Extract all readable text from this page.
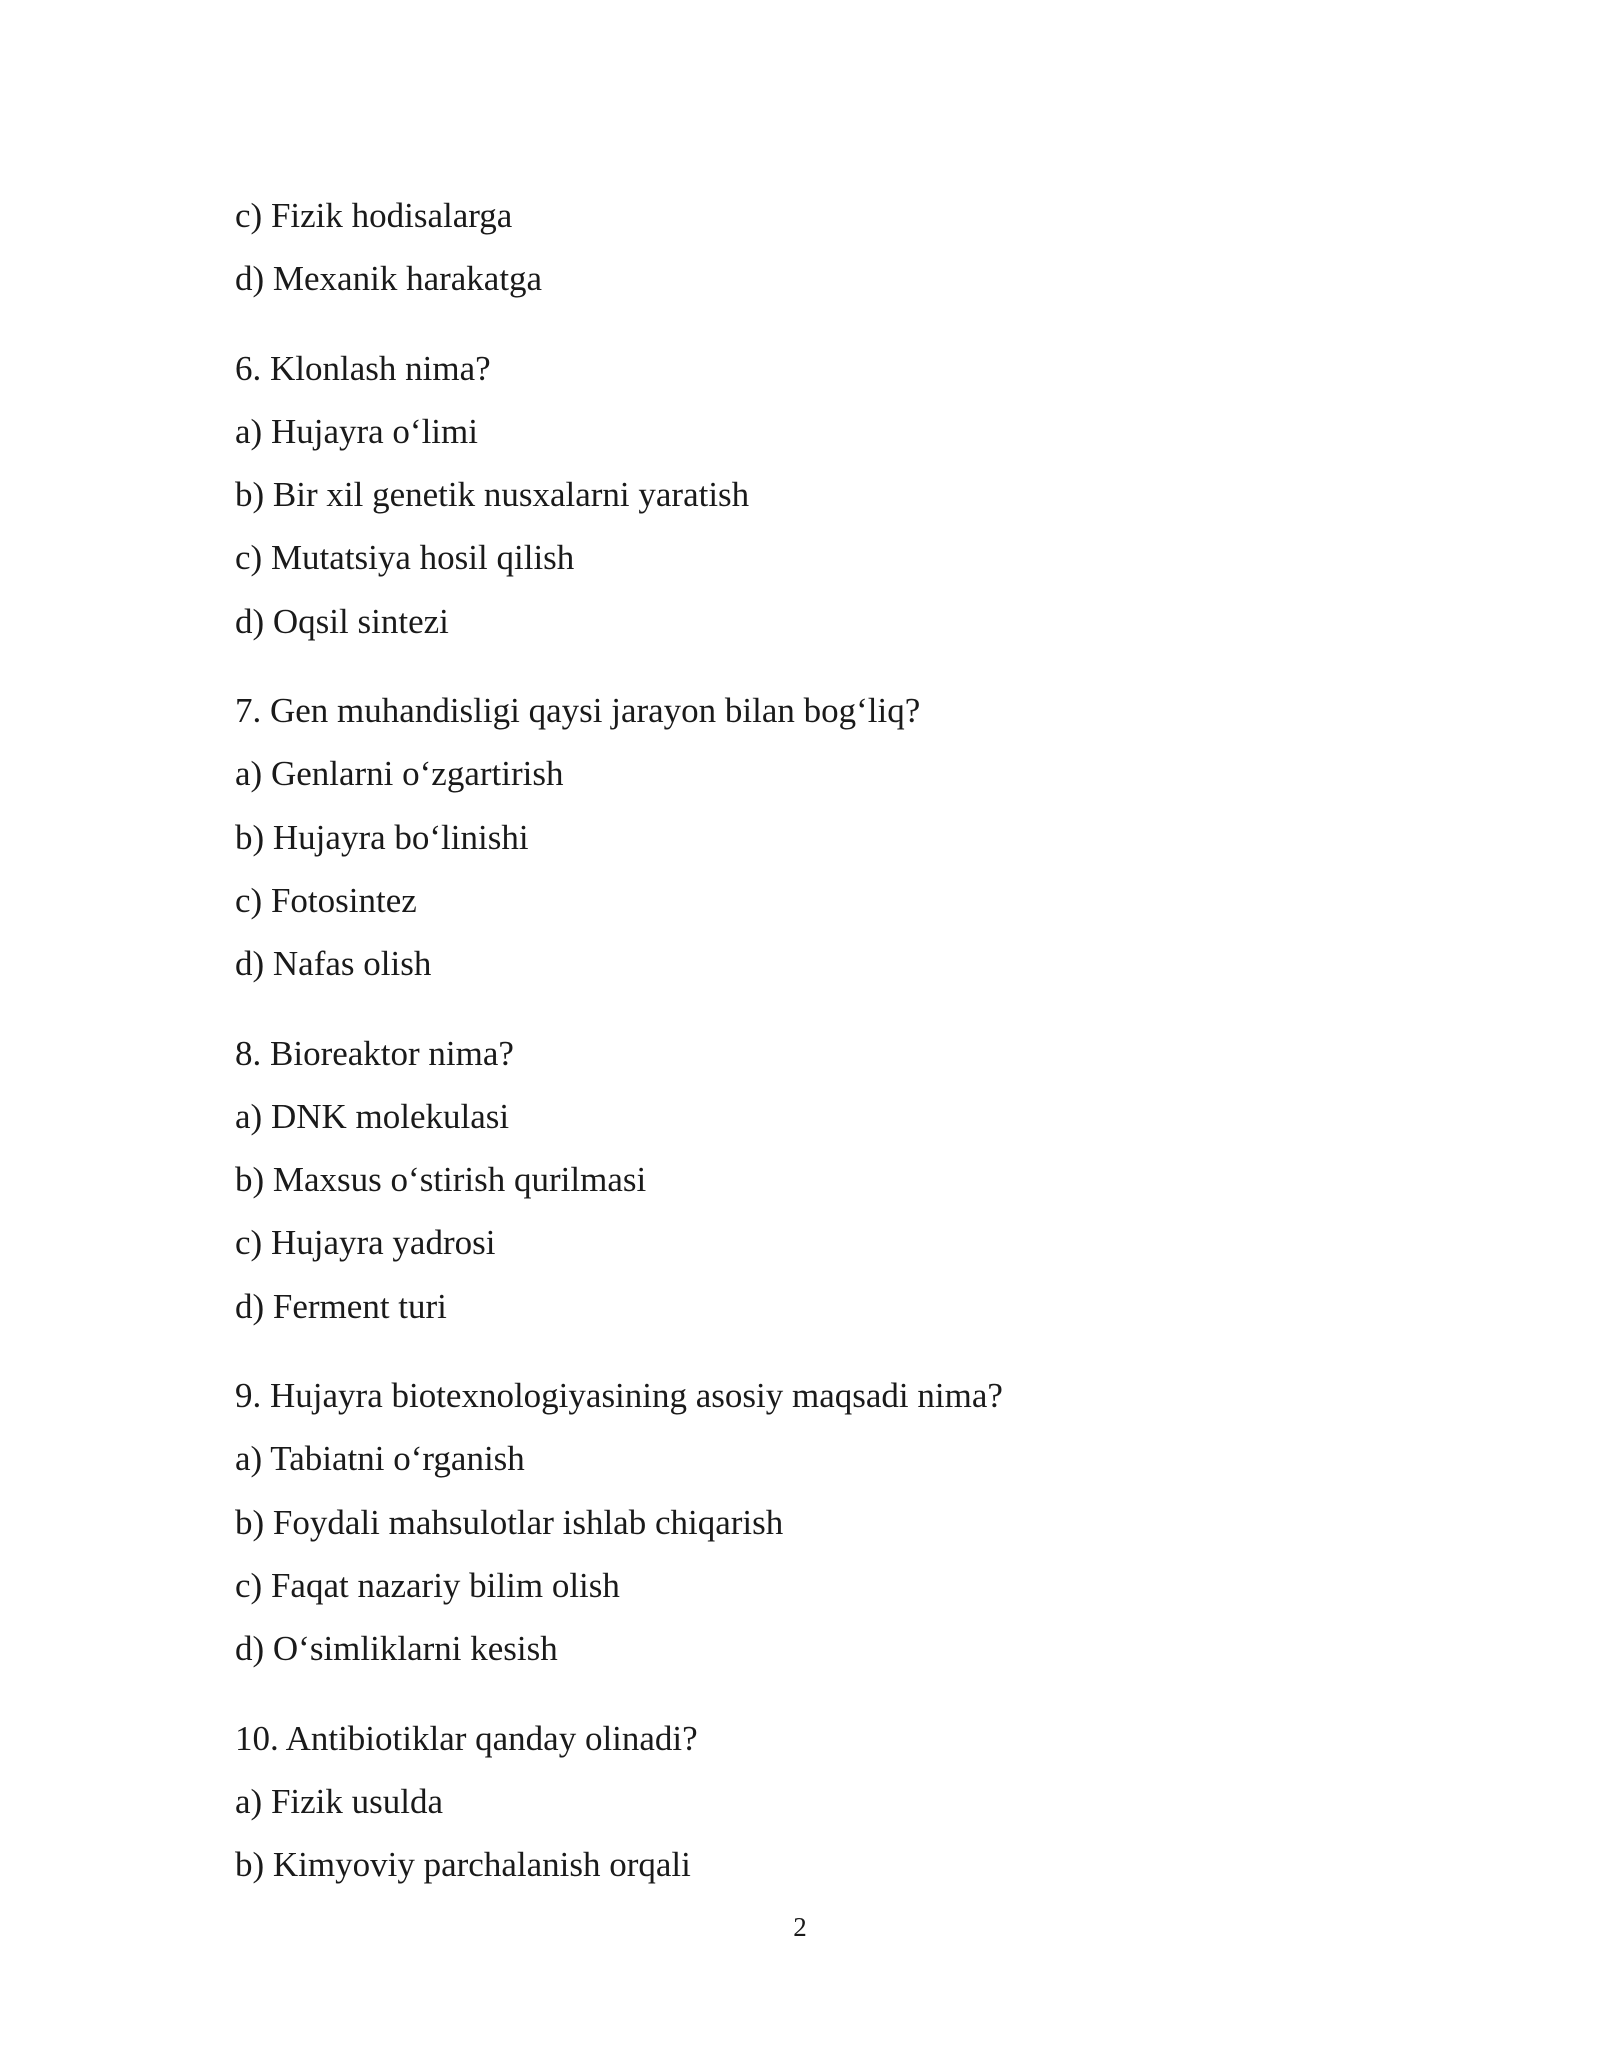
c) Fizik hodisalarga
d) Mexanik harakatga
6. Klonlash nima?
a) Hujayra o‘limi
b) Bir xil genetik nusxalarni yaratish
c) Mutatsiya hosil qilish
d) Oqsil sintezi
7. Gen muhandisligi qaysi jarayon bilan bog‘liq?
a) Genlarni o‘zgartirish
b) Hujayra bo‘linishi
c) Fotosintez
d) Nafas olish
8. Bioreaktor nima?
a) DNK molekulasi
b) Maxsus o‘stirish qurilmasi
c) Hujayra yadrosi
d) Ferment turi
9. Hujayra biotexnologiyasining asosiy maqsadi nima?
a) Tabiatni o‘rganish
b) Foydali mahsulotlar ishlab chiqarish
c) Faqat nazariy bilim olish
d) O‘simliklarni kesish
10. Antibiotiklar qanday olinadi?
a) Fizik usulda
b) Kimyoviy parchalanish orqali
2
